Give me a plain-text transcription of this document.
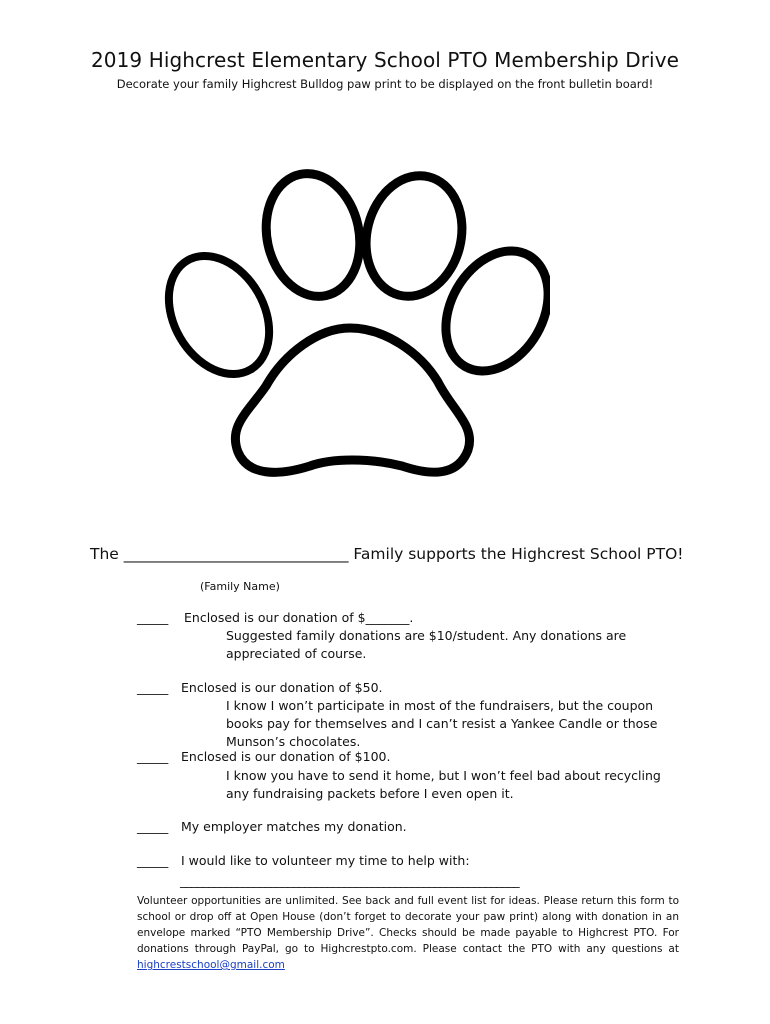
2019 Highcrest Elementary School PTO Membership Drive
Decorate your family Highcrest Bulldog paw print to be displayed on the front bulletin board!
The _____________________________ Family supports the Highcrest School PTO!
(Family Name)
_____ Enclosed is our donation of $_______.
Suggested family donations are $10/student. Any donations are appreciated of course.
_____ Enclosed is our donation of $50.
I know I won’t participate in most of the fundraisers, but the coupon books pay for themselves and I can’t resist a Yankee Candle or those Munson’s chocolates.
_____ Enclosed is our donation of $100.
I know you have to send it home, but I won’t feel bad about recycling any fundraising packets before I even open it.
_____ My employer matches my donation.
_____ I would like to volunteer my time to help with:
____________________________________________________________
Volunteer opportunities are unlimited. See back and full event list for ideas. Please return this form to school or drop off at Open House (don’t forget to decorate your paw print) along with donation in an envelope marked “PTO Membership Drive”. Checks should be made payable to Highcrest PTO. For donations through PayPal, go to Highcrestpto.com. Please contact the PTO with any questions at highcrestschool@gmail.com
